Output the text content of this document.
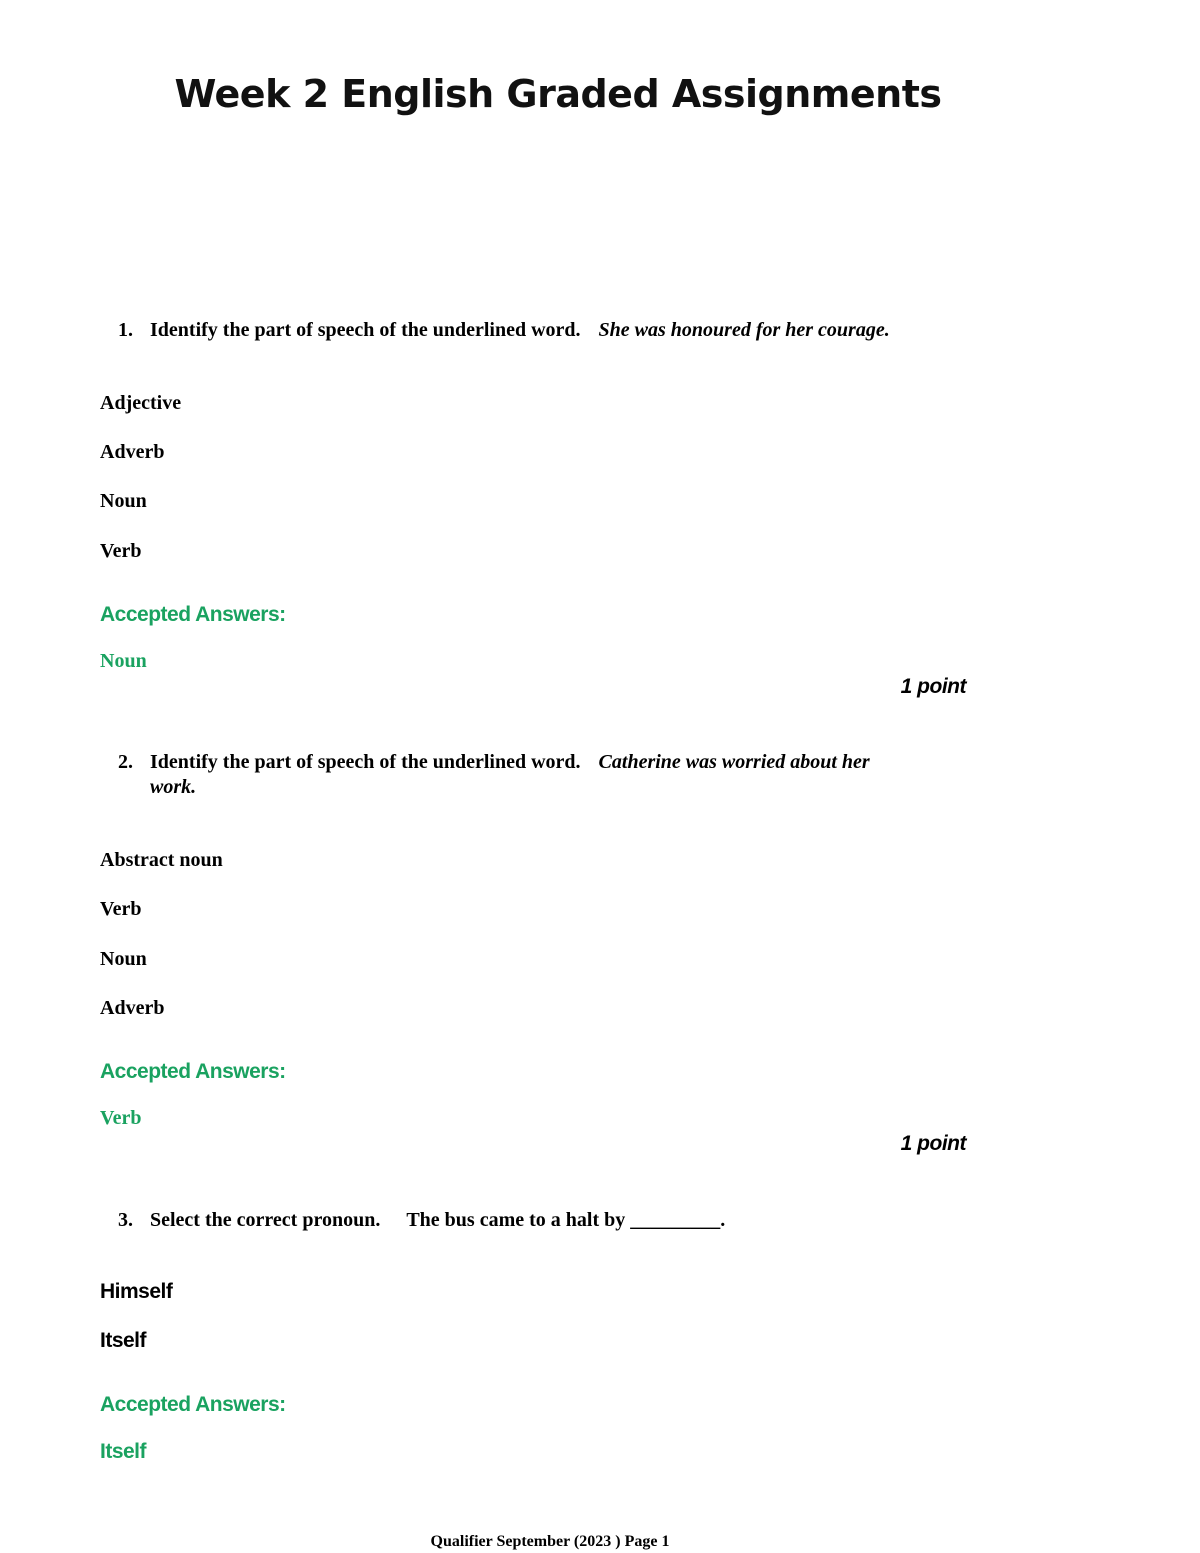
Week 2 English Graded Assignments
1. Identify the part of speech of the underlined word. She was honoured for her courage.
Adjective
Adverb
Noun
Verb
Accepted Answers:
Noun
1 point
2. Identify the part of speech of the underlined word. Catherine was worried about her
work.
Abstract noun
Verb
Noun
Adverb
Accepted Answers:
Verb
1 point
3. Select the correct pronoun. The bus came to a halt by _________.
Himself
Itself
Accepted Answers:
Itself
Qualifier September (2023 ) Page 1
